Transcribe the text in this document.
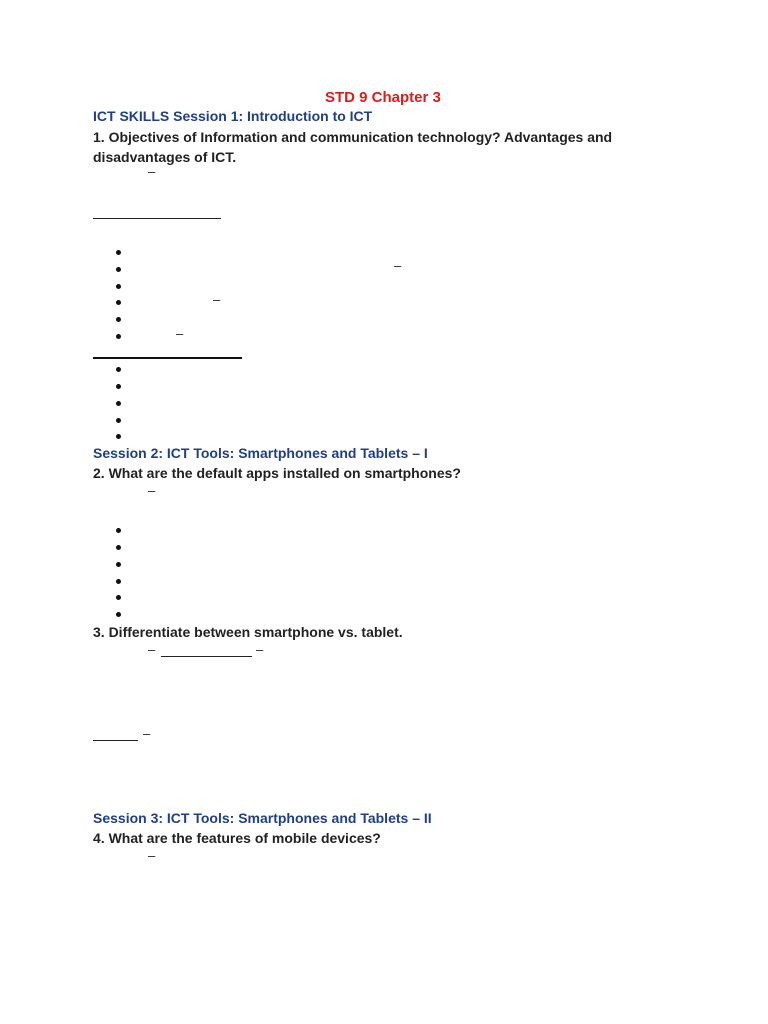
STD 9 Chapter 3
ICT SKILLS Session 1: Introduction to ICT
1. Objectives of Information and communication technology? Advantages and
disadvantages of ICT.
–
–
–
–
Session 2: ICT Tools: Smartphones and Tablets – I
2. What are the default apps installed on smartphones?
–
3. Differentiate between smartphone vs. tablet.
–	–
–
Session 3: ICT Tools: Smartphones and Tablets – II
4. What are the features of mobile devices?
–
